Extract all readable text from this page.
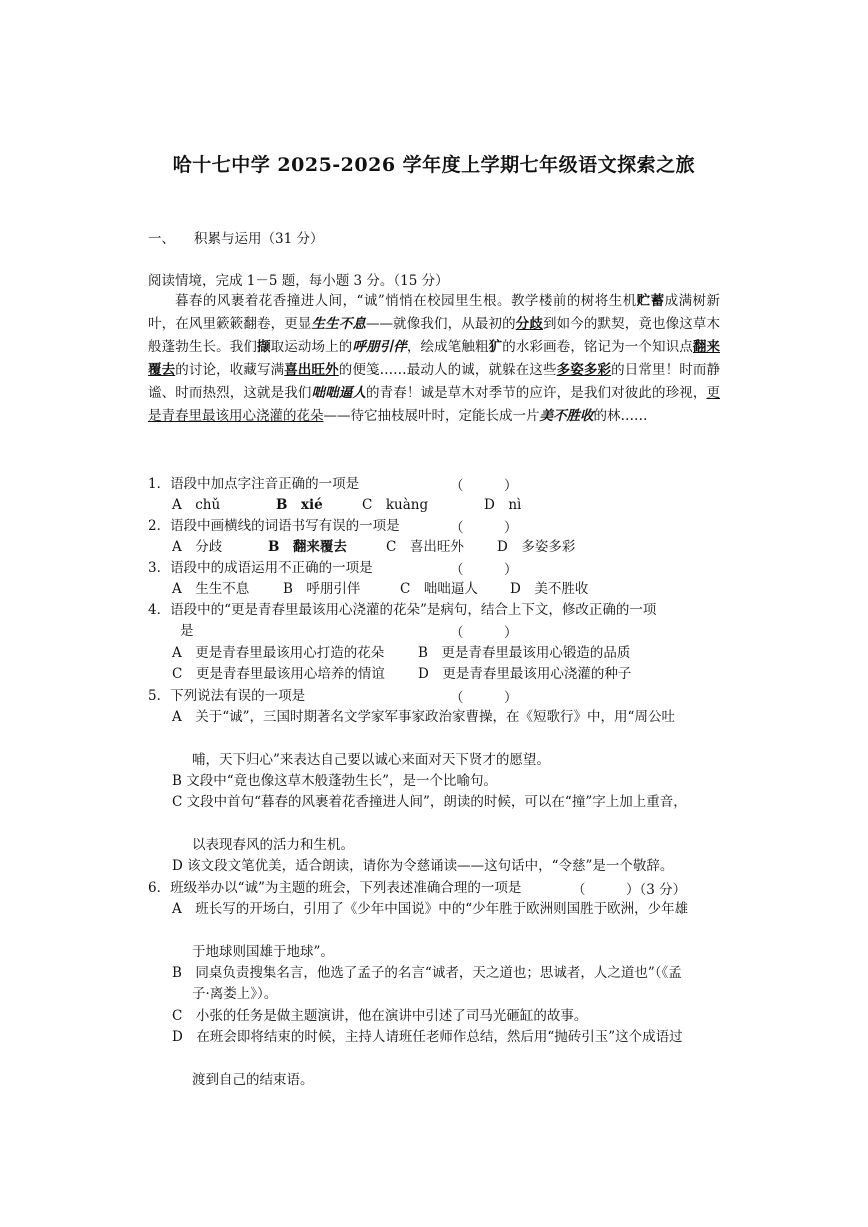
哈十七中学 2025-2026 学年度上学期七年级语文探索之旅
一、 积累与运用（31 分）
阅读情境，完成 1－5 题，每小题 3 分。（15 分）
暮春的风裹着花香撞进人间，“诚”悄悄在校园里生根。教学楼前的树将生机贮蓄成满树新叶，在风里簌簌翻卷，更显生生不息——就像我们，从最初的分歧到如今的默契，竟也像这草木般蓬勃生长。我们撷取运动场上的呼朋引伴，绘成笔触粗犷的水彩画卷，铭记为一个知识点翻来覆去的讨论，收藏写满喜出旺外的便笺……最动人的诚，就躲在这些多姿多彩的日常里！时而静谧、时而热烈，这就是我们咄咄逼人的青春！诚是草木对季节的应许，是我们对彼此的珍视，更是青春里最该用心浇灌的花朵——待它抽枝展叶时，定能长成一片美不胜收的林……
1．语段中加点字注音正确的一项是	（　　　）
A　chǔ	B　xié	C　kuàng	D　nì
2．语段中画横线的词语书写有误的一项是	（　　　）
A　分歧	B　翻来覆去	C　喜出旺外 D　多姿多彩
3．语段中的成语运用不正确的一项是	（　　　）
A　生生不息	B　呼朋引伴	C　咄咄逼人 D　美不胜收
4．语段中的“更是青春里最该用心浇灌的花朵”是病句，结合上下文，修改正确的一项
是	（　　　）
A　更是青春里最该用心打造的花朵	B　更是青春里最该用心锻造的品质
C　更是青春里最该用心培养的情谊 D　更是青春里最该用心浇灌的种子
5．下列说法有误的一项是	（　　　）
A　关于“诚”，三国时期著名文学家军事家政治家曹操，在《短歌行》中，用“周公吐
哺，天下归心”来表达自己要以诚心来面对天下贤才的愿望。
B 文段中“竟也像这草木般蓬勃生长”，是一个比喻句。
C 文段中首句“暮春的风裹着花香撞进人间”，朗读的时候，可以在“撞”字上加上重音，
以表现春风的活力和生机。
D 该文段文笔优美，适合朗读，请你为令慈诵读——这句话中，“令慈”是一个敬辞。
6．班级举办以“诚”为主题的班会，下列表述准确合理的一项是	（　　　）（3 分）
A　班长写的开场白，引用了《少年中国说》中的“少年胜于欧洲则国胜于欧洲，少年雄
于地球则国雄于地球”。
B　同桌负责搜集名言，他选了孟子的名言“诚者，天之道也；思诚者，人之道也”（《孟
子·离娄上》）。
C　小张的任务是做主题演讲，他在演讲中引述了司马光砸缸的故事。
D　在班会即将结束的时候，主持人请班任老师作总结，然后用“抛砖引玉”这个成语过
渡到自己的结束语。
